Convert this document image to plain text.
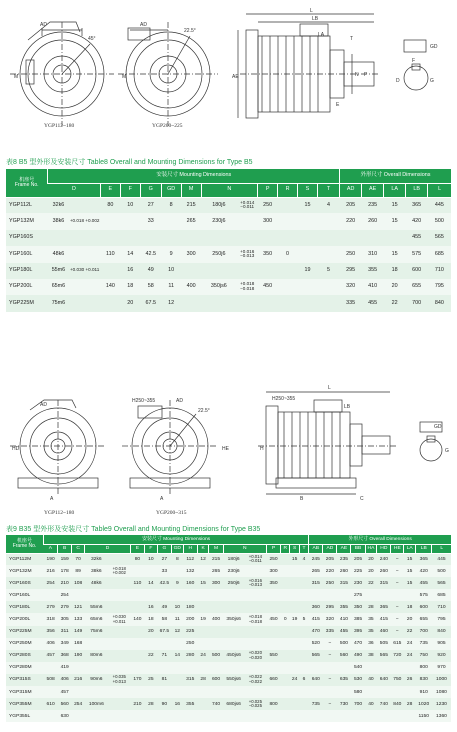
AD
45°
M
AD
22.5°
M
L
LB
LA
AE	N P
E
T
GD
G
F
D
YGP112~180	YGP200~225
表8 B5 型外形及安装尺寸 Table8 Overall and Mounting Dimensions for Type B5
机座号
Frame No.	安装尺寸 Mounting Dimensions													外形尺寸 Overall Dimensions				
	D		E	F	G	GD	M	N		P	R	S	T	AD	AE	LA	LB	L
YGP112L	32k6		80	10	27	8	215	180j6	+0.014 −0.011	250		15	4	205	235	15	365	445
YGP132M	38k6	+0.018 +0.002			33		265	230j6		300				220	260	15	420	500
YGP160S																	455	565
YGP160L	48k6		110	14	42.5	9	300	250j6	+0.016 −0.013	350	0			250	310	15	575	685
YGP180L	55m6	+0.030 +0.011		16	49	10						19	5	295	355	18	600	710
YGP200L	65m6		140	18	58	11	400	350js6	+0.018 −0.018	450				320	410	20	655	795
YGP225M	75m6			20	67.5	12								335	455	22	700	840
AD
HD
H250~355	AD
22.5°
HE
H250~355
L
LB
B	C
H
GD
G
A	A
YGP112~180	YGP200~315
表9 B35 型外形及安装尺寸 Table9 Overall and Mounting Dimensions for Type B35
机座号
Frame No.	安装尺寸 Mounting Dimensions																		外形尺寸 Overall Dimensions									
	A	B	C	D		E	F	G	GD	H	K	M	N		P	R	S	T	AB	AD	AE	BB	HA	HD	HE	LA	LB	L
YGP112M	190	159	70	32k6		80	10	27	8	112	12	215	180j6	+0.014 −0.011	250		15	4	245	205	235	205	20	240	−	15	365	445
YGP132M	216	178	89	38k6	+0.018 +0.002			33		132		265	230j6		300				265	220	260	225	20	260	−	15	420	500
YGP160S	254	210	108	48k6		110	14	42.5	9	160	15	300	250j6	+0.016 −0.013	350				315	250	315	230	22	315	−	15	455	565
YGP160L		254																				275					575	685
YGP180L	279	279	121	55m6			16	49	10	180									360	295	355	350	28	365	−	18	600	710
YGP200L	318	305	133	65m6	+0.030 +0.011	140	18	58	11	200	19	400	350js6	+0.018 −0.018	450	0	19	5	415	320	410	385	35	415	−	20	655	795
YGP225M	356	311	149	75m6			20	67.5	12	225									470	335	455	395	35	460	−	22	700	840
YGP250M	406	349	168							250									520	−	500	470	36	505	615	24	735	905
YGP280S	457	368	190	80m6			22	71	14	280	24	500	450js6	+0.020 −0.020	550				565	−	560	490	38	565	720	24	750	920
YGP280M		419																				540					800	970
YGP315S	508	406	216	90m6	+0.035 +0.013	170	25	81		315	28	600	550js6	+0.022 −0.022	660		24	6	640	−	635	530	40	640	750	26	830	1000
YGP315M		457																				580					910	1080
YGP355M	610	560	254	100m6		210	28	90	16	355		740	680js6	+0.025 −0.025	800				735	−	730	700	40	740	840	28	1020	1230
YGP355L		630																									1150	1360
